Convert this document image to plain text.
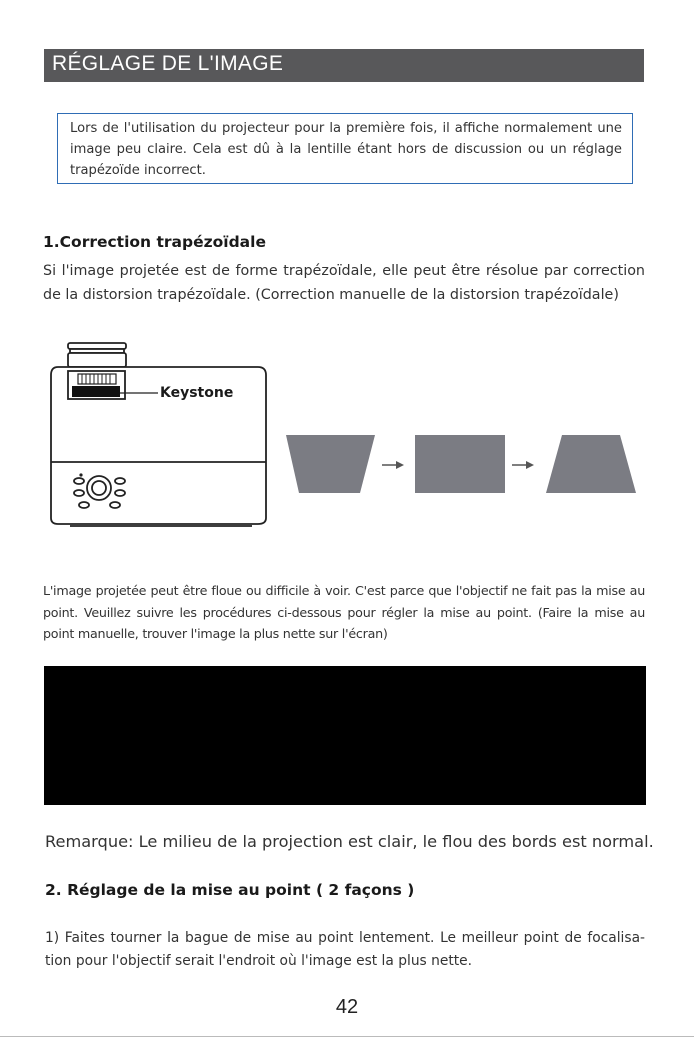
RÉGLAGE DE L'IMAGE
Lors de l'utilisation du projecteur pour la première fois, il affiche normalement une image peu claire. Cela est dû à la lentille étant hors de discussion ou un réglage trapézoïde incorrect.
1.Correction trapézoïdale
Si l'image projetée est de forme trapézoïdale, elle peut être résolue par correction de la distorsion trapézoïdale. (Correction manuelle de la distorsion trapézoïdale)
Keystone
L'image projetée peut être floue ou difficile à voir. C'est parce que l'objectif ne fait pas la mise au point. Veuillez suivre les procédures ci-dessous pour régler la mise au point. (Faire la mise au point manuelle, trouver l'image la plus nette sur l'écran)
Remarque: Le milieu de la projection est clair, le flou des bords est normal.
2. Réglage de la mise au point ( 2 façons )
1) Faites tourner la bague de mise au point lentement. Le meilleur point de focalisa-tion pour l'objectif serait l'endroit où l'image est la plus nette.
42
